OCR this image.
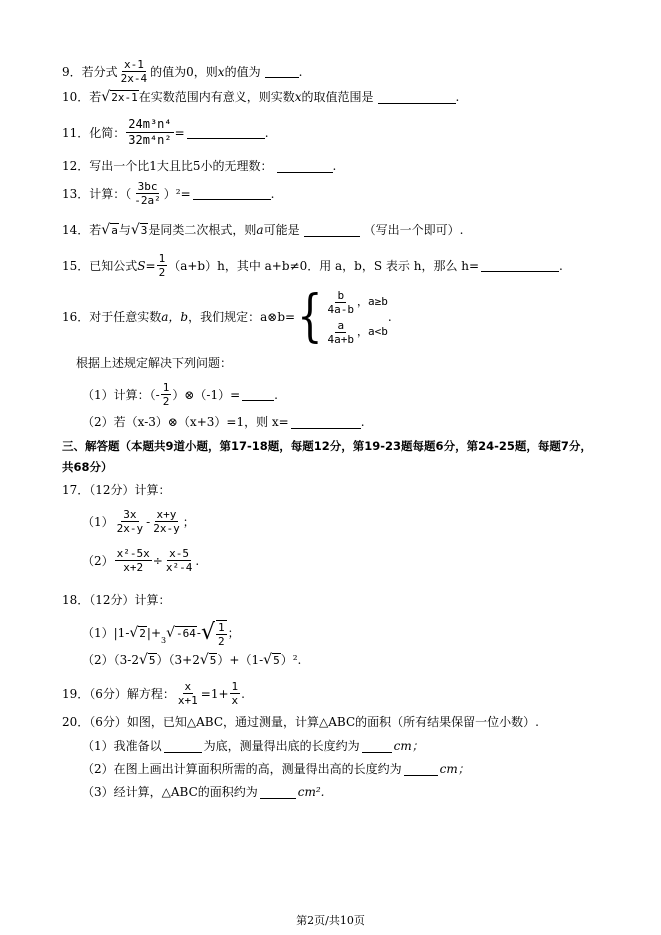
9．若分式 $\frac{x-1}{2x-4}$ 的值为0，则 x 的值为	.
10．若 √ 2x-1 在实数范围内有意义，则实数 x 的取值范围是	.
11．化简： $\frac{\text{24m³n⁴}}{\text{32m⁴n²}}$ =	.
12．写出一个比1大且比5小的无理数：	.
13．计算：（ $\frac{3bc}{\text{-2a²}} )^2=$	.
14．若 √ a 与 √ 3 是同类二次根式，则 a 可能是	（写出一个即可）.
15．已知公式 $S = \frac{1}{2} (a+b)h$，其中 a+b≠0．用 a，b，S 表示 h，那么 h=	.
16．对于任意实数 a，b ，我们规定：a⊗b= { $\frac{b}{4a-b}$ ，a≥b
$\frac{a}{4a+b}$ ，a<b
.
根据上述规定解决下列问题：
（1）计算：（- $\frac{1}{2}$ ）⊗（-1）=	.
（2）若（x-3）⊗（x+3）=1，则 x=	.
三、解答题（本题共9道小题，第17-18题，每题12分，第19-23题每题6分，第24-25题，每题7分，
共68分）
17．（12分）计算：
$(1) \frac{3x}{2x-y} - \frac{x+y}{2x-y}$ ；
$(2) \frac{\text{x²-5x}}{x+2} \div \frac{x-5}{\text{x²-4}}$ .
18．（12分）计算：
（1）|1- √ 2 |+
3 √ -64 - √ $\frac{1}{2}$ ；
（2）（3-2 √ 5 ）（3+2 √ 5 ）+（1- √ 5 ）².
19．（6分）解方程： $\frac{x}{x+1} =1+ \frac{1}{x}$ .
20．（6分）如图，已知△ABC，通过测量，计算△ABC的面积（所有结果保留一位小数）.
（1）我准备以	为底，测量得出底的长度约为	cm；
（2）在图上画出计算面积所需的高，测量得出高的长度约为	cm；
（3）经计算，△ABC的面积约为	cm².
第2页/共10页
